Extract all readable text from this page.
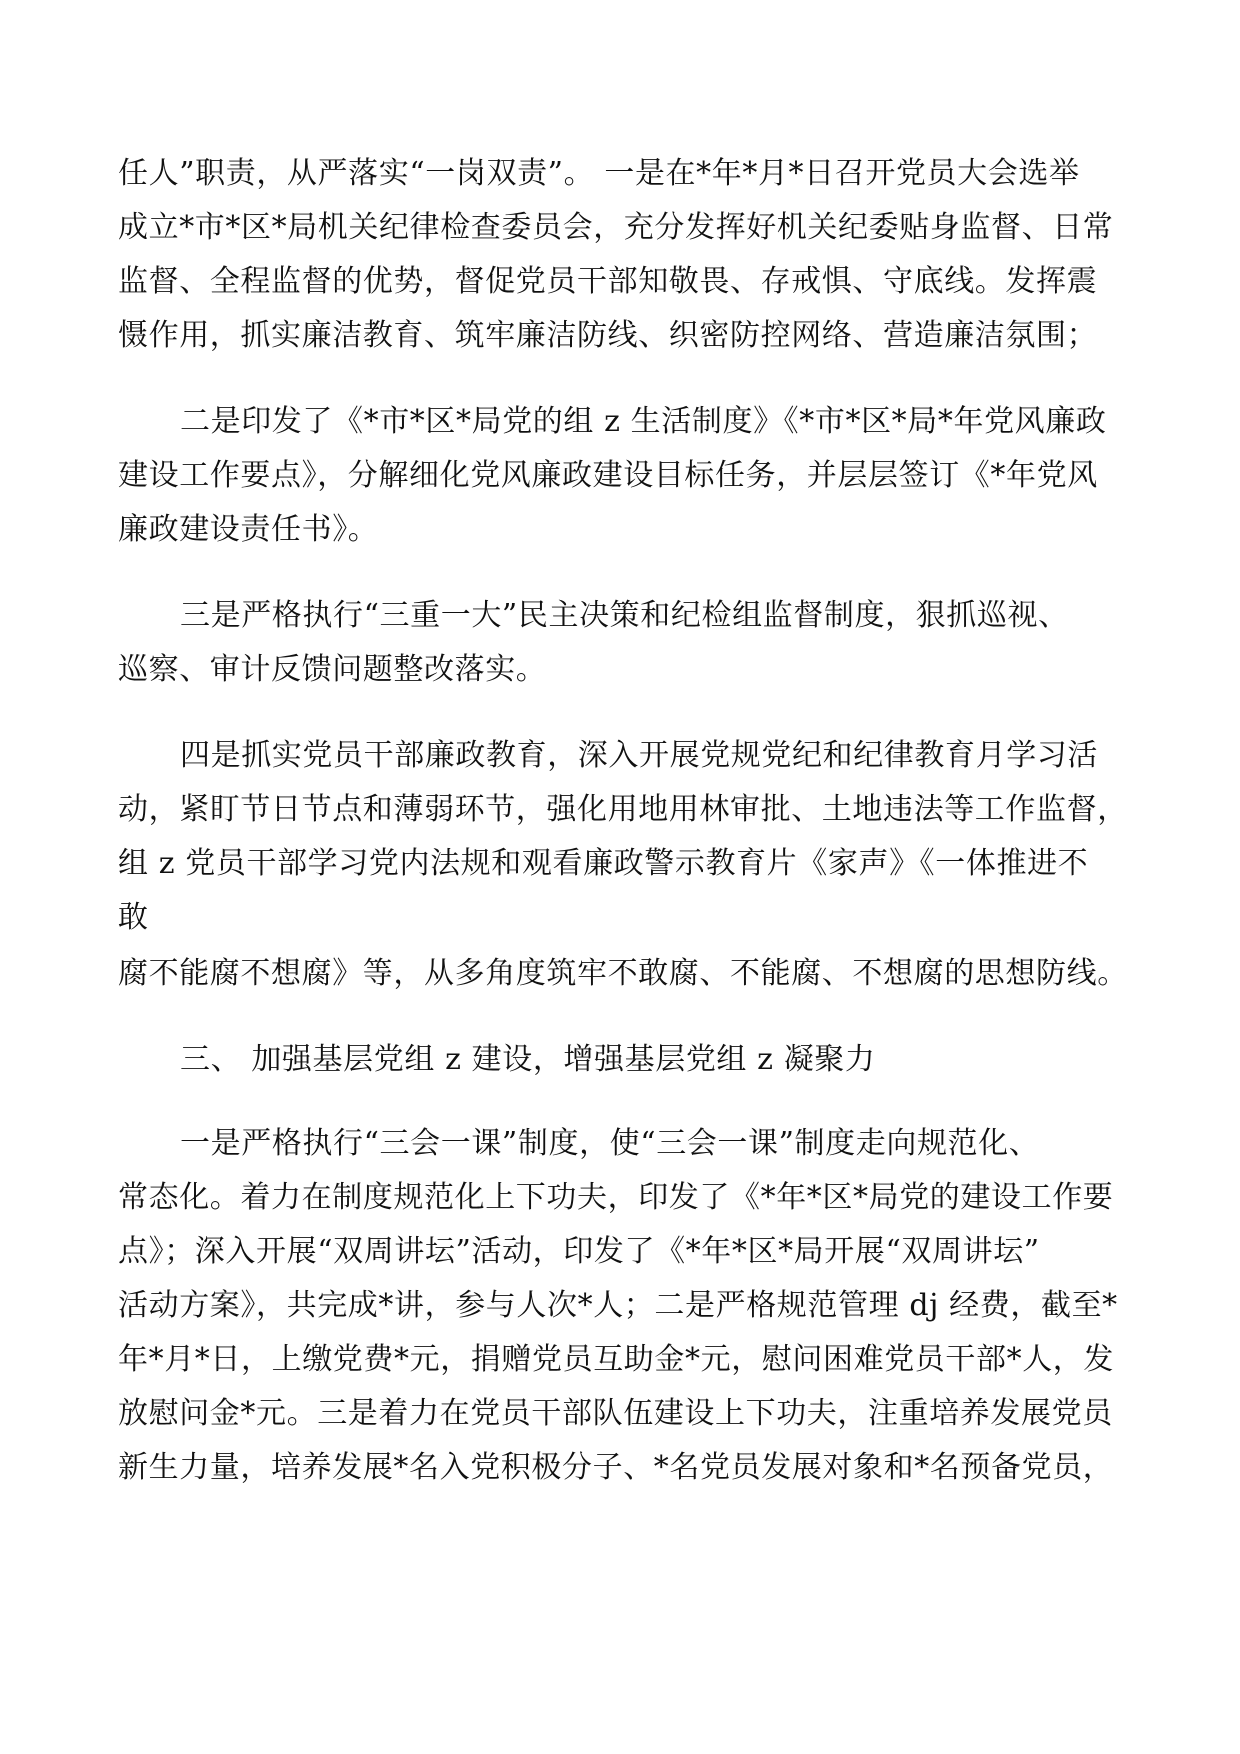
任人”职责，从严落实“一岗双责”。 一是在*年*月*日召开党员大会选举
成立*市*区*局机关纪律检查委员会，充分发挥好机关纪委贴身监督、日常
监督、全程监督的优势，督促党员干部知敬畏、存戒惧、守底线。发挥震
慑作用，抓实廉洁教育、筑牢廉洁防线、织密防控网络、营造廉洁氛围；
二是印发了《*市*区*局党的组 z 生活制度》《*市*区*局*年党风廉政
建设工作要点》，分解细化党风廉政建设目标任务，并层层签订《*年党风
廉政建设责任书》。
三是严格执行“三重一大”民主决策和纪检组监督制度，狠抓巡视、
巡察、审计反馈问题整改落实。
四是抓实党员干部廉政教育，深入开展党规党纪和纪律教育月学习活
动，紧盯节日节点和薄弱环节，强化用地用林审批、土地违法等工作监督，
组 z 党员干部学习党内法规和观看廉政警示教育片《家声》《一体推进不
敢
腐不能腐不想腐》等，从多角度筑牢不敢腐、不能腐、不想腐的思想防线。
三、 加强基层党组 z 建设，增强基层党组 z 凝聚力
一是严格执行“三会一课”制度，使“三会一课”制度走向规范化、
常态化。着力在制度规范化上下功夫，印发了《*年*区*局党的建设工作要
点》；深入开展“双周讲坛”活动，印发了《*年*区*局开展“双周讲坛”
活动方案》，共完成*讲，参与人次*人；二是严格规范管理 dj 经费，截至*
年*月*日，上缴党费*元，捐赠党员互助金*元，慰问困难党员干部*人，发
放慰问金*元。三是着力在党员干部队伍建设上下功夫，注重培养发展党员
新生力量，培养发展*名入党积极分子、*名党员发展对象和*名预备党员，
